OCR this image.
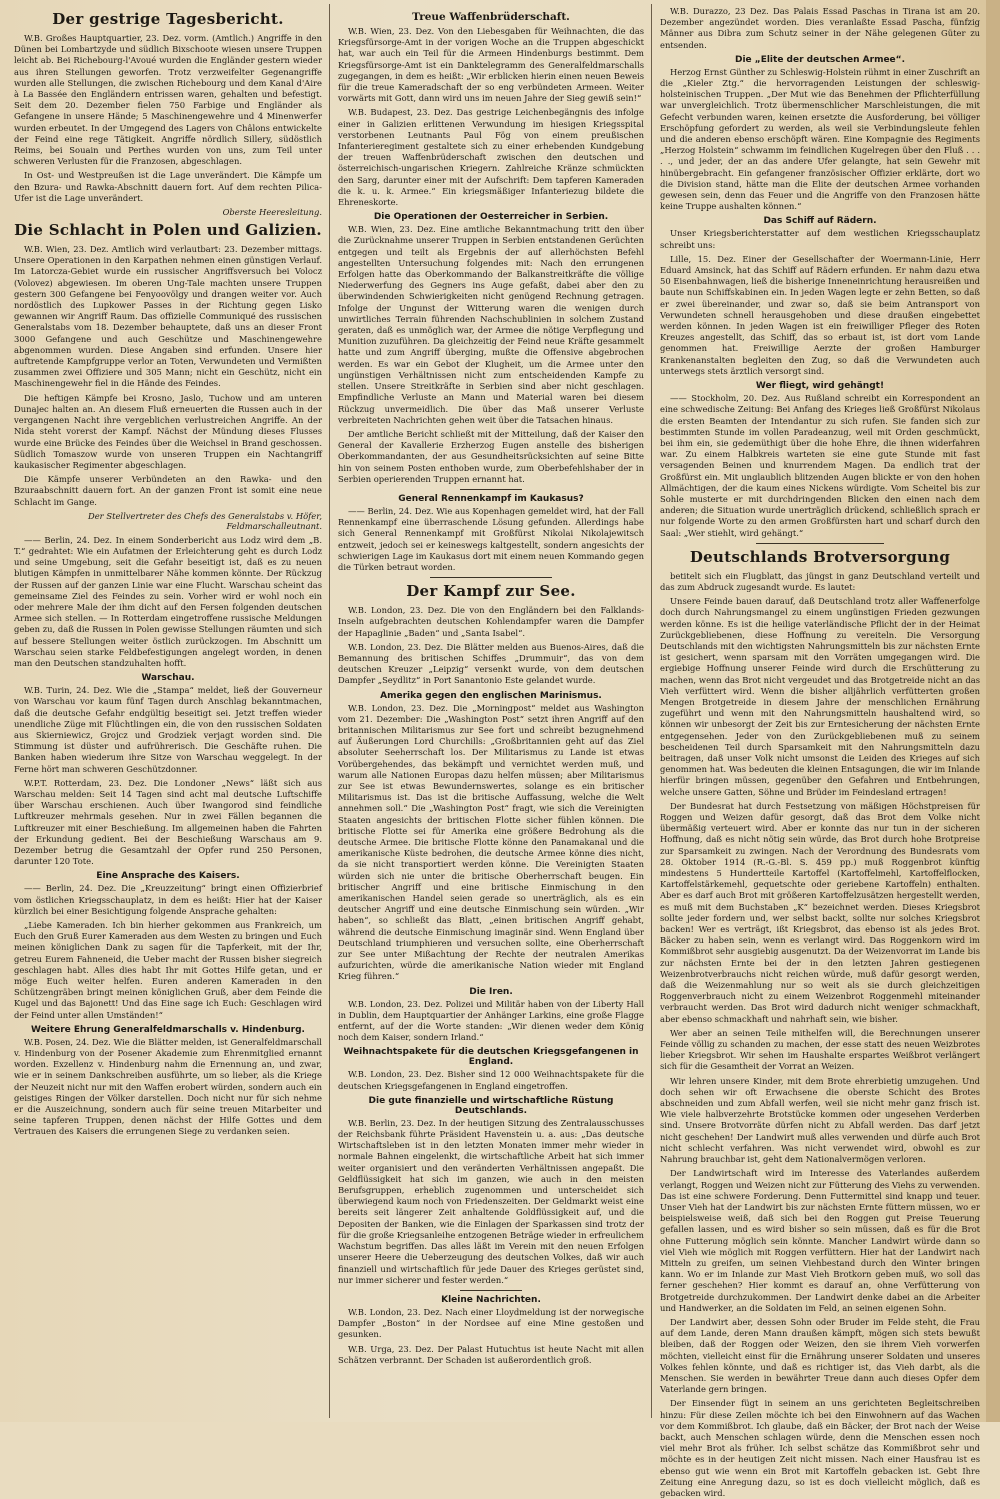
Der gestrige Tagesbericht.

W.B. Großes Hauptquartier, 23. Dez. vorm. (Amtlich.) Angriffe in den Dünen bei Lombartzyde und südlich Bixschoote wiesen unsere Truppen leicht ab. Bei Richebourg-l'Avoué wurden die Engländer gestern wieder aus ihren Stellungen geworfen. Trotz verzweifelter Gegenangriffe wurden alle Stellungen, die zwischen Richebourg und dem Kanal d'Aire à La Bassée den Engländern entrissen waren, gehalten und befestigt. Seit dem 20. Dezember fielen 750 Farbige und Engländer als Gefangene in unsere Hände; 5 Maschinengewehre und 4 Minenwerfer wurden erbeutet. In der Umgegend des Lagers von Châlons entwickelte der Feind eine rege Tätigkeit. Angriffe nördlich Sillery, südöstlich Reims, bei Souain und Perthes wurden von uns, zum Teil unter schweren Verlusten für die Franzosen, abgeschlagen.

In Ost- und Westpreußen ist die Lage unverändert. Die Kämpfe um den Bzura- und Rawka-Abschnitt dauern fort. Auf dem rechten Pilica-Ufer ist die Lage unverändert.

Oberste Heeresleitung.
Die Schlacht in Polen und Galizien.

W.B. Wien, 23. Dez. Amtlich wird verlautbart: 23. Dezember mittags. Unsere Operationen in den Karpathen nehmen einen günstigen Verlauf. Im Latorcza-Gebiet wurde ein russischer Angriffsversuch bei Volocz (Volovez) abgewiesen. Im oberen Ung-Tale machten unsere Truppen gestern 300 Gefangene bei Fenyoovölgy und drangen weiter vor. Auch nordöstlich des Lupkower Passes in der Richtung gegen Lisko gewannen wir Angriff Raum. Das offizielle Communiqué des russischen Generalstabs vom 18. Dezember behauptete, daß uns an dieser Front 3000 Gefangene und auch Geschütze und Maschinengewehre abgenommen wurden. Diese Angaben sind erfunden. Unsere hier auftretende Kampfgruppe verlor an Toten, Verwundeten und Vermißten zusammen zwei Offiziere und 305 Mann; nicht ein Geschütz, nicht ein Maschinengewehr fiel in die Hände des Feindes.

Die heftigen Kämpfe bei Krosno, Jaslo, Tuchow und am unteren Dunajec halten an. An diesem Fluß erneuerten die Russen auch in der vergangenen Nacht ihre vergeblichen verlustreichen Angriffe. An der Nida steht vorerst der Kampf. Nächst der Mündung dieses Flusses wurde eine Brücke des Feindes über die Weichsel in Brand geschossen. Südlich Tomaszow wurde von unseren Truppen ein Nachtangriff kaukasischer Regimenter abgeschlagen.

Die Kämpfe unserer Verbündeten an den Rawka- und den Bzuraabschnitt dauern fort. An der ganzen Front ist somit eine neue Schlacht im Gange.

Der Stellvertreter des Chefs des Generalstabs v. Höfer, Feldmarschalleutnant.

—— Berlin, 24. Dez. In einem Sonderbericht aus Lodz wird dem „B. T.“ gedrahtet: Wie ein Aufatmen der Erleichterung geht es durch Lodz und seine Umgebung, seit die Gefahr beseitigt ist, daß es zu neuen blutigen Kämpfen in unmittelbarer Nähe kommen könnte. Der Rückzug der Russen auf der ganzen Linie war eine Flucht. Warschau scheint das gemeinsame Ziel des Feindes zu sein. Vorher wird er wohl noch ein oder mehrere Male der ihm dicht auf den Fersen folgenden deutschen Armee sich stellen. — In Rotterdam eingetroffene russische Meldungen geben zu, daß die Russen in Polen gewisse Stellungen räumten und sich auf bessere Stellungen weiter östlich zurückzogen. Im Abschnitt um Warschau seien starke Feldbefestigungen angelegt worden, in denen man den Deutschen standzuhalten hofft.

Warschau.

W.B. Turin, 24. Dez. Wie die „Stampa“ meldet, ließ der Gouverneur von Warschau vor kaum fünf Tagen durch Anschlag bekanntmachen, daß die deutsche Gefahr endgültig beseitigt sei. Jetzt treffen wieder unendliche Züge mit Flüchtlingen ein, die von den russischen Soldaten aus Skierniewicz, Grojcz und Grodziek verjagt worden sind. Die Stimmung ist düster und aufrührerisch. Die Geschäfte ruhen. Die Banken haben wiederum ihre Sitze von Warschau weggelegt. In der Ferne hört man schweren Geschützdonner.

W.P.T. Rotterdam, 23. Dez. Die Londoner „News“ läßt sich aus Warschau melden: Seit 14 Tagen sind acht mal deutsche Luftschiffe über Warschau erschienen. Auch über Iwangorod sind feindliche Luftkreuzer mehrmals gesehen. Nur in zwei Fällen begannen die Luftkreuzer mit einer Beschießung. Im allgemeinen haben die Fahrten der Erkundung gedient. Bei der Beschießung Warschaus am 9. Dezember betrug die Gesamtzahl der Opfer rund 250 Personen, darunter 120 Tote.

Eine Ansprache des Kaisers.

—— Berlin, 24. Dez. Die „Kreuzzeitung“ bringt einen Offizierbrief vom östlichen Kriegsschauplatz, in dem es heißt: Hier hat der Kaiser kürzlich bei einer Besichtigung folgende Ansprache gehalten:

„Liebe Kameraden. Ich bin hierher gekommen aus Frankreich, um Euch den Gruß Eurer Kameraden aus dem Westen zu bringen und Euch meinen königlichen Dank zu sagen für die Tapferkeit, mit der Ihr, getreu Eurem Fahneneid, die Ueber macht der Russen bisher siegreich geschlagen habt. Alles dies habt Ihr mit Gottes Hilfe getan, und er möge Euch weiter helfen. Euren anderen Kameraden in den Schützengräben bringt meinen königlichen Gruß, aber dem Feinde die Kugel und das Bajonett! Und das Eine sage ich Euch: Geschlagen wird der Feind unter allen Umständen!“

Weitere Ehrung Generalfeldmarschalls v. Hindenburg.

W.B. Posen, 24. Dez. Wie die Blätter melden, ist Generalfeldmarschall v. Hindenburg von der Posener Akademie zum Ehrenmitglied ernannt worden. Exzellenz v. Hindenburg nahm die Ernennung an, und zwar, wie er in seinem Dankschreiben ausführte, um so lieber, als die Kriege der Neuzeit nicht nur mit den Waffen erobert würden, sondern auch ein geistiges Ringen der Völker darstellen. Doch nicht nur für sich nehme er die Auszeichnung, sondern auch für seine treuen Mitarbeiter und seine tapferen Truppen, denen nächst der Hilfe Gottes und dem Vertrauen des Kaisers die errungenen Siege zu verdanken seien.

Treue Waffenbrüderschaft.

W.B. Wien, 23. Dez. Von den Liebesgaben für Weihnachten, die das Kriegsfürsorge-Amt in der vorigen Woche an die Truppen abgeschickt hat, war auch ein Teil für die Armeen Hindenburgs bestimmt. Dem Kriegsfürsorge-Amt ist ein Danktelegramm des Generalfeldmarschalls zugegangen, in dem es heißt: „Wir erblicken hierin einen neuen Beweis für die treue Kameradschaft der so eng verbündeten Armeen. Weiter vorwärts mit Gott, dann wird uns im neuen Jahre der Sieg gewiß sein!“

W.B. Budapest, 23. Dez. Das gestrige Leichenbegängnis des infolge einer in Galizien erlittenen Verwundung im hiesigen Kriegsspital verstorbenen Leutnants Paul Fög von einem preußischen Infanterieregiment gestaltete sich zu einer erhebenden Kundgebung der treuen Waffenbrüderschaft zwischen den deutschen und österreichisch-ungarischen Kriegern. Zahlreiche Kränze schmückten den Sarg, darunter einer mit der Aufschrift: Dem tapferen Kameraden die k. u. k. Armee.“ Ein kriegsmäßiger Infanteriezug bildete die Ehreneskorte.

Die Operationen der Oesterreicher in Serbien.

W.B. Wien, 23. Dez. Eine amtliche Bekanntmachung tritt den über die Zurücknahme unserer Truppen in Serbien entstandenen Gerüchten entgegen und teilt als Ergebnis der auf allerhöchsten Befehl angestellten Untersuchung folgendes mit: Nach den errungenen Erfolgen hatte das Oberkommando der Balkanstreitkräfte die völlige Niederwerfung des Gegners ins Auge gefaßt, dabei aber den zu überwindenden Schwierigkeiten nicht genügend Rechnung getragen. Infolge der Ungunst der Witterung waren die wenigen durch unwirtliches Terrain führenden Nachschublinien in solchem Zustand geraten, daß es unmöglich war, der Armee die nötige Verpflegung und Munition zuzuführen. Da gleichzeitig der Feind neue Kräfte gesammelt hatte und zum Angriff überging, mußte die Offensive abgebrochen werden. Es war ein Gebot der Klugheit, um die Armee unter den ungünstigen Verhältnissen nicht zum entscheidenden Kampfe zu stellen. Unsere Streitkräfte in Serbien sind aber nicht geschlagen. Empfindliche Verluste an Mann und Material waren bei diesem Rückzug unvermeidlich. Die über das Maß unserer Verluste verbreiteten Nachrichten gehen weit über die Tatsachen hinaus.

Der amtliche Bericht schließt mit der Mitteilung, daß der Kaiser den General der Kavallerie Erzherzog Eugen anstelle des bisherigen Oberkommandanten, der aus Gesundheitsrücksichten auf seine Bitte hin von seinem Posten enthoben wurde, zum Oberbefehlshaber der in Serbien operierenden Truppen ernannt hat.

General Rennenkampf im Kaukasus?

—— Berlin, 24. Dez. Wie aus Kopenhagen gemeldet wird, hat der Fall Rennenkampf eine überraschende Lösung gefunden. Allerdings habe sich General Rennenkampf mit Großfürst Nikolai Nikolajewitsch entzweit, jedoch sei er keineswegs kaltgestellt, sondern angesichts der schwierigen Lage im Kaukasus dort mit einem neuen Kommando gegen die Türken betraut worden.

Der Kampf zur See.

W.B. London, 23. Dez. Die von den Engländern bei den Falklands-Inseln aufgebrachten deutschen Kohlendampfer waren die Dampfer der Hapaglinie „Baden“ und „Santa Isabel“.

W.B. London, 23. Dez. Die Blätter melden aus Buenos-Aires, daß die Bemannung des britischen Schiffes „Drummuir“, das von dem deutschen Kreuzer „Leipzig“ versenkt wurde, von dem deutschen Dampfer „Seydlitz“ in Port Sanantonio Este gelandet wurde.

Amerika gegen den englischen Marinismus.

W.B. London, 23. Dez. Die „Morningpost“ meldet aus Washington vom 21. Dezember: Die „Washington Post“ setzt ihren Angriff auf den britannischen Militarismus zur See fort und schreibt bezugnehmend auf Äußerungen Lord Churchills: „Großbritannien geht auf das Ziel absoluter Seeherrschaft los. Der Militarismus zu Lande ist etwas Vorübergehendes, das bekämpft und vernichtet werden muß, und warum alle Nationen Europas dazu helfen müssen; aber Militarismus zur See ist etwas Bewundernswertes, solange es ein britischer Militarismus ist. Das ist die britische Auffassung, welche die Welt annehmen soll.“ Die „Washington Post“ fragt, wie sich die Vereinigten Staaten angesichts der britischen Flotte sicher fühlen können. Die britische Flotte sei für Amerika eine größere Bedrohung als die deutsche Armee. Die britische Flotte könne den Panamakanal und die amerikanische Küste bedrohen, die deutsche Armee könne dies nicht, da sie nicht transportiert werden könne. Die Vereinigten Staaten würden sich nie unter die britische Oberherrschaft beugen. Ein britischer Angriff und eine britische Einmischung in den amerikanischen Handel seien gerade so unerträglich, als es ein deutscher Angriff und eine deutsche Einmischung sein würden. „Wir haben“, so schließt das Blatt, „einen britischen Angriff gehabt, während die deutsche Einmischung imaginär sind. Wenn England über Deutschland triumphieren und versuchen sollte, eine Oberherrschaft zur See unter Mißachtung der Rechte der neutralen Amerikas aufzurichten, würde die amerikanische Nation wieder mit England Krieg führen.“

Die Iren.

W.B. London, 23. Dez. Polizei und Militär haben von der Liberty Hall in Dublin, dem Hauptquartier der Anhänger Larkins, eine große Flagge entfernt, auf der die Worte standen: „Wir dienen weder dem König noch dem Kaiser, sondern Irland.“

Weihnachtspakete für die deutschen Kriegsgefangenen in England.

W.B. London, 23. Dez. Bisher sind 12 000 Weihnachtspakete für die deutschen Kriegsgefangenen in England eingetroffen.

Die gute finanzielle und wirtschaftliche Rüstung Deutschlands.

W.B. Berlin, 23. Dez. In der heutigen Sitzung des Zentralausschusses der Reichsbank führte Präsident Havenstein u. a. aus: „Das deutsche Wirtschaftsleben ist in den letzten Monaten immer mehr wieder in normale Bahnen eingelenkt, die wirtschaftliche Arbeit hat sich immer weiter organisiert und den veränderten Verhältnissen angepaßt. Die Geldflüssigkeit hat sich im ganzen, wie auch in den meisten Berufsgruppen, erheblich zugenommen und unterscheidet sich überwiegend kaum noch von Friedenszeiten. Der Geldmarkt weist eine bereits seit längerer Zeit anhaltende Goldflüssigkeit auf, und die Depositen der Banken, wie die Einlagen der Sparkassen sind trotz der für die große Kriegsanleihe entzogenen Beträge wieder in erfreulichem Wachstum begriffen. Das alles läßt im Verein mit den neuen Erfolgen unserer Heere die Ueberzeugung des deutschen Volkes, daß wir auch finanziell und wirtschaftlich für jede Dauer des Krieges gerüstet sind, nur immer sicherer und fester werden.“

Kleine Nachrichten.

W.B. London, 23. Dez. Nach einer Lloydmeldung ist der norwegische Dampfer „Boston“ in der Nordsee auf eine Mine gestoßen und gesunken.

W.B. Urga, 23. Dez. Der Palast Hutuchtus ist heute Nacht mit allen Schätzen verbrannt. Der Schaden ist außerordentlich groß.

W.B. Durazzo, 23 Dez. Das Palais Essad Paschas in Tirana ist am 20. Dezember angezündet worden. Dies veranlaßte Essad Pascha, fünfzig Männer aus Dibra zum Schutz seiner in der Nähe gelegenen Güter zu entsenden.

Die „Elite der deutschen Armee“.

Herzog Ernst Günther zu Schleswig-Holstein rühmt in einer Zuschrift an die „Kieler Ztg.“ die hervorragenden Leistungen der schleswig-holsteinischen Truppen. „Der Mut wie das Benehmen der Pflichterfüllung war unvergleichlich. Trotz übermenschlicher Marschleistungen, die mit Gefecht verbunden waren, keinen ersetzte die Ausforderung, bei völliger Erschöpfung gefordert zu werden, als weil sie Verbindungsleute fehlen und die anderen ebenso erschöpft wären. Eine Kompagnie des Regiments „Herzog Holstein“ schwamm im feindlichen Kugelregen über den Fluß . . . . ., und jeder, der an das andere Ufer gelangte, hat sein Gewehr mit hinübergebracht. Ein gefangener französischer Offizier erklärte, dort wo die Division stand, hätte man die Elite der deutschen Armee vorhanden gewesen sein, denn das Feuer und die Angriffe von den Franzosen hätte keine Truppe aushalten können.“

Das Schiff auf Rädern.

Unser Kriegsberichterstatter auf dem westlichen Kriegsschauplatz schreibt uns:

Lille, 15. Dez. Einer der Gesellschafter der Woermann-Linie, Herr Eduard Amsinck, hat das Schiff auf Rädern erfunden. Er nahm dazu etwa 50 Eisenbahnwagen, ließ die bisherige Inneneinrichtung herausreißen und baute nun Schiffskabinen ein. In jeden Wagen legte er zehn Betten, so daß er zwei übereinander, und zwar so, daß sie beim Antransport von Verwundeten schnell herausgehoben und diese draußen eingebettet werden können. In jeden Wagen ist ein freiwilliger Pfleger des Roten Kreuzes angestellt, das Schiff, das so erbaut ist, ist dort vom Lande genommen hat. Freiwillige Aerzte der großen Hamburger Krankenanstalten begleiten den Zug, so daß die Verwundeten auch unterwegs stets ärztlich versorgt sind.

Wer fliegt, wird gehängt!

—— Stockholm, 20. Dez. Aus Rußland schreibt ein Korrespondent an eine schwedische Zeitung: Bei Anfang des Krieges ließ Großfürst Nikolaus die ersten Beamten der Intendantur zu sich rufen. Sie fanden sich zur bestimmten Stunde im vollen Paradeanzug, weil mit Orden geschmückt, bei ihm ein, sie gedemüthigt über die hohe Ehre, die ihnen widerfahren war. Zu einem Halbkreis warteten sie eine gute Stunde mit fast versagenden Beinen und knurrendem Magen. Da endlich trat der Großfürst ein. Mit unglaublich blitzenden Augen blickte er von den hohen Allmächtigen, der die kaum eines Nickens würdigte. Vom Scheitel bis zur Sohle musterte er mit durchdringenden Blicken den einen nach dem anderen; die Situation wurde unerträglich drückend, schließlich sprach er nur folgende Worte zu den armen Großfürsten hart und scharf durch den Saal: „Wer stiehlt, wird gehängt.“

Deutschlands Brotversorgung

betitelt sich ein Flugblatt, das jüngst in ganz Deutschland verteilt und das zum Abdruck zugesandt wurde. Es lautet:

Unsere Feinde bauen darauf, daß Deutschland trotz aller Waffenerfolge doch durch Nahrungsmangel zu einem ungünstigen Frieden gezwungen werden könne. Es ist die heilige vaterländische Pflicht der in der Heimat Zurückgebliebenen, diese Hoffnung zu vereiteln. Die Versorgung Deutschlands mit den wichtigsten Nahrungsmitteln bis zur nächsten Ernte ist gesichert, wenn sparsam mit den Vorräten umgegangen wird. Die ergiebige Hoffnung unserer Feinde wird durch die Erschütterung zu machen, wenn das Brot nicht vergeudet und das Brotgetreide nicht an das Vieh verfüttert wird. Wenn die bisher alljährlich verfütterten großen Mengen Brotgetreide in diesem Jahre der menschlichen Ernährung zugeführt und wenn mit den Nahrungsmitteln haushaltend wird, so können wir unbesorgt der Zeit bis zur Erntesicherung der nächsten Ernte entgegensehen. Jeder von den Zurückgebliebenen muß zu seinem bescheidenen Teil durch Sparsamkeit mit den Nahrungsmitteln dazu beitragen, daß unser Volk nicht umsonst die Leiden des Krieges auf sich genommen hat. Was bedeuten die kleinen Entsagungen, die wir im Inlande hierfür bringen müssen, gegenüber den Gefahren und Entbehrungen, welche unsere Gatten, Söhne und Brüder im Feindesland ertragen!

Der Bundesrat hat durch Festsetzung von mäßigen Höchstpreisen für Roggen und Weizen dafür gesorgt, daß das Brot dem Volke nicht übermäßig verteuert wird. Aber er konnte das nur tun in der sicheren Hoffnung, daß es nicht nötig sein würde, das Brot durch hohe Brotpreise zur Sparsamkeit zu zwingen. Nach der Verordnung des Bundesrats vom 28. Oktober 1914 (R.-G.-Bl. S. 459 pp.) muß Roggenbrot künftig mindestens 5 Hundertteile Kartoffel (Kartoffelmehl, Kartoffelflocken, Kartoffelstärkemehl, gequetschte oder geriebene Kartoffeln) enthalten. Aber es darf auch Brot mit größeren Kartoffelzusätzen hergestellt werden, es muß mit dem Buchstaben „K“ bezeichnet werden. Dieses Kriegsbrot sollte jeder fordern und, wer selbst backt, sollte nur solches Kriegsbrot backen! Wer es verträgt, ißt Kriegsbrot, das ebenso ist als jedes Brot. Bäcker zu haben sein, wenn es verlangt wird. Das Roggenkorn wird im Kommißbrot sehr ausgiebig ausgenutzt. Da der Weizenvorrat im Lande bis zur nächsten Ernte bei der in den letzten Jahren gestiegenen Weizenbrotverbrauchs nicht reichen würde, muß dafür gesorgt werden, daß die Weizenmahlung nur so weit als sie durch gleichzeitigen Roggenverbrauch nicht zu einem Weizenbrot Roggenmehl miteinander verbraucht werden. Das Brot wird dadurch nicht weniger schmackhaft, aber ebenso schmackhaft und nahrhaft sein, wie bisher.

Wer aber an seinen Teile mithelfen will, die Berechnungen unserer Feinde völlig zu schanden zu machen, der esse statt des neuen Weizbrotes lieber Kriegsbrot. Wir sehen im Haushalte erspartes Weißbrot verlängert sich für die Gesamtheit der Vorrat an Weizen.

Wir lehren unsere Kinder, mit dem Brote ehrerbietig umzugehen. Und doch sehen wir oft Erwachsene die oberste Schicht des Brotes abschneiden und zum Abfall werfen, weil sie nicht mehr ganz frisch ist. Wie viele halbverzehrte Brotstücke kommen oder ungesehen Verderben sind. Unsere Brotvorräte dürfen nicht zu Abfall werden. Das darf jetzt nicht geschehen! Der Landwirt muß alles verwenden und dürfe auch Brot nicht schlecht verfahren. Was nicht verwendet wird, obwohl es zur Nahrung brauchbar ist, geht dem Nationalvermögen verloren.

Der Landwirtschaft wird im Interesse des Vaterlandes außerdem verlangt, Roggen und Weizen nicht zur Fütterung des Viehs zu verwenden. Das ist eine schwere Forderung. Denn Futtermittel sind knapp und teuer. Unser Vieh hat der Landwirt bis zur nächsten Ernte füttern müssen, wo er beispielsweise weiß, daß sich bei den Roggen gut Preise Teuerung gefallen lassen, und es wird bisher so sein müssen, daß es für die Brot ohne Futterung möglich sein könnte. Mancher Landwirt würde dann so viel Vieh wie möglich mit Roggen verfüttern. Hier hat der Landwirt nach Mitteln zu greifen, um seinen Viehbestand durch den Winter bringen kann. Wo er im Inlande zur Mast Vieh Brotkorn geben muß, wo soll das ferner geschehen? Hier kommt es darauf an, ohne Verfütterung von Brotgetreide durchzukommen. Der Landwirt denke dabei an die Arbeiter und Handwerker, an die Soldaten im Feld, an seinen eigenen Sohn.

Der Landwirt aber, dessen Sohn oder Bruder im Felde steht, die Frau auf dem Lande, deren Mann draußen kämpft, mögen sich stets bewußt bleiben, daß der Roggen oder Weizen, den sie ihrem Vieh vorwerfen möchten, vielleicht einst für die Ernährung unserer Soldaten und unseres Volkes fehlen könnte, und daß es richtiger ist, das Vieh darbt, als die Menschen. Sie werden in bewährter Treue dann auch dieses Opfer dem Vaterlande gern bringen.

Der Einsender fügt in seinem an uns gerichteten Begleitschreiben hinzu: Für diese Zeilen möchte ich bei den Einwohnern auf das Wachen vor dem Kommißbrot. Ich glaube, daß ein Bäcker, der Brot nach der Weise backt, auch Menschen schlagen würde, denn die Menschen essen noch viel mehr Brot als früher. Ich selbst schätze das Kommißbrot sehr und möchte es in der heutigen Zeit nicht missen. Nach einer Hausfrau ist es ebenso gut wie wenn ein Brot mit Kartoffeln gebacken ist. Gebt Ihre Zeitung eine Anregung dazu, so ist es doch vielleicht möglich, daß es gebacken wird.
